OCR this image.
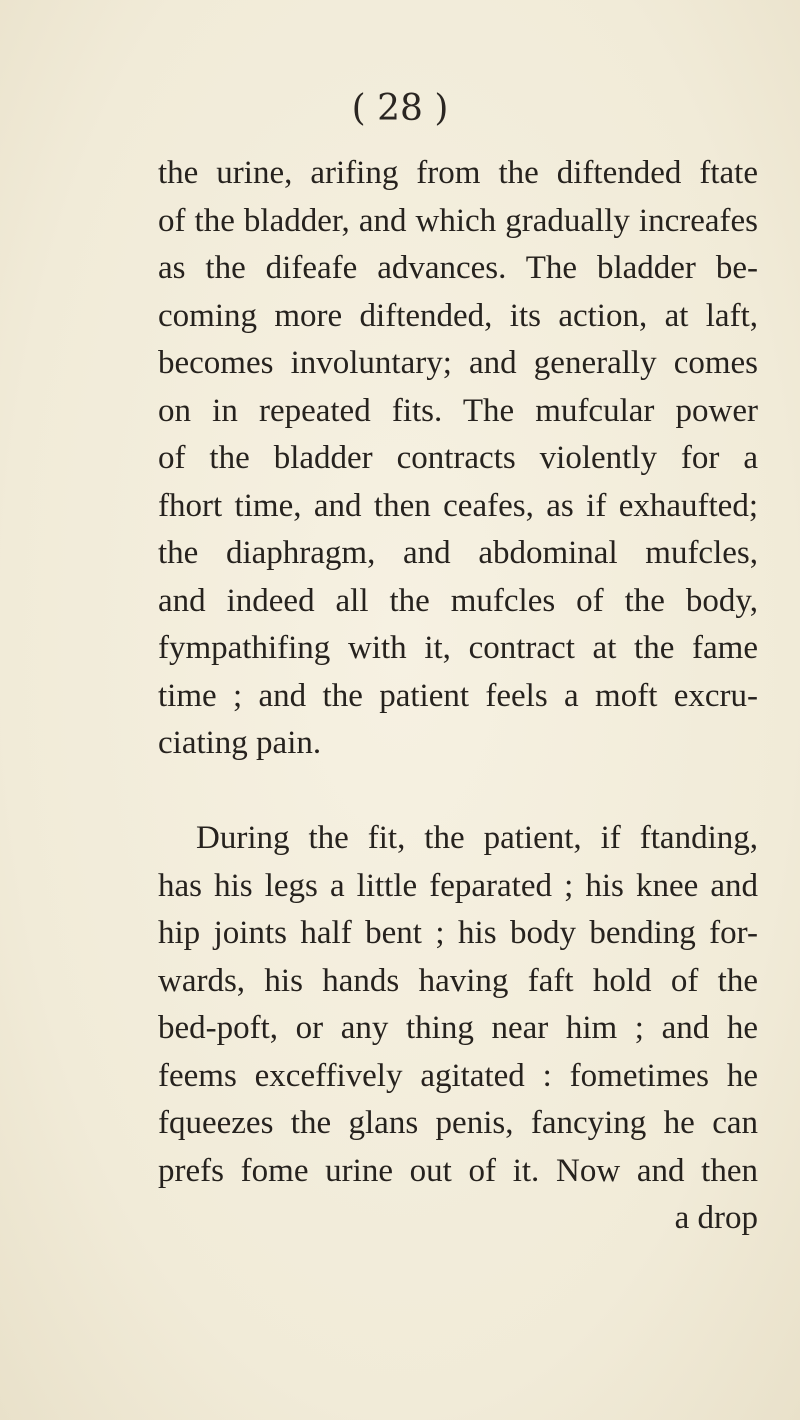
( 28 )
the urine, arifing from the diftended ftate
of the bladder, and which gradually increafes
as the difeafe advances. The bladder be-
coming more diftended, its action, at laft,
becomes involuntary; and generally comes
on in repeated fits. The mufcular power
of the bladder contracts violently for a
fhort time, and then ceafes, as if exhaufted;
the diaphragm, and abdominal mufcles,
and indeed all the mufcles of the body,
fympathifing with it, contract at the fame
time ; and the patient feels a moft excru-
ciating pain.
During the fit, the patient, if ftanding,
has his legs a little feparated ; his knee and
hip joints half bent ; his body bending for-
wards, his hands having faft hold of the
bed-poft, or any thing near him ; and he
feems exceffively agitated : fometimes he
fqueezes the glans penis, fancying he can
prefs fome urine out of it. Now and then
a drop
